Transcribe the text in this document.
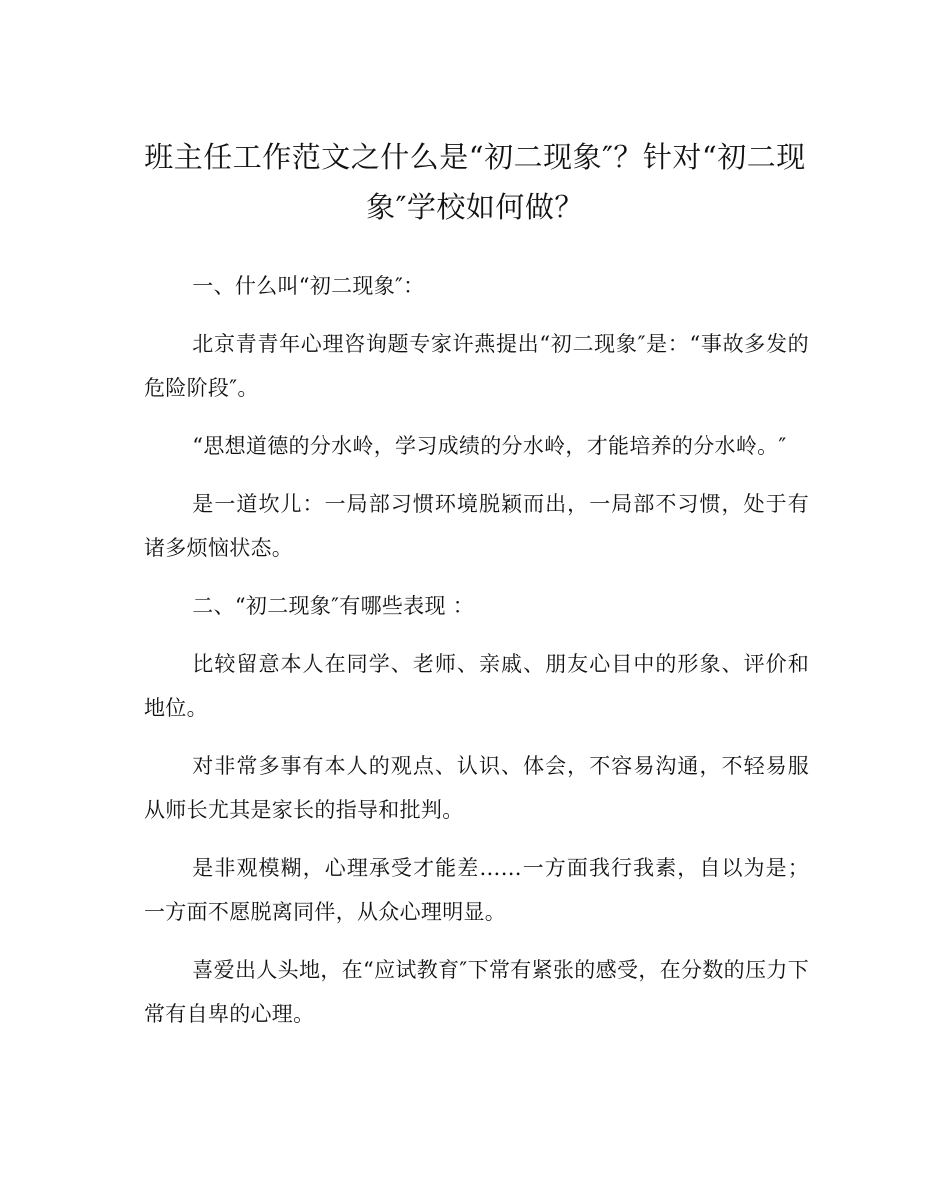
班主任工作范文之什么是“初二现象″？针对“初二现象″学校如何做？

一、什么叫“初二现象″：

北京青青年心理咨询题专家许燕提出“初二现象″是：“事故多发的危险阶段″。

“思想道德的分水岭，学习成绩的分水岭，才能培养的分水岭。″

是一道坎儿：一局部习惯环境脱颖而出，一局部不习惯，处于有诸多烦恼状态。

二、“初二现象″有哪些表现 ：

比较留意本人在同学、老师、亲戚、朋友心目中的形象、评价和地位。

对非常多事有本人的观点、认识、体会，不容易沟通，不轻易服从师长尤其是家长的指导和批判。

是非观模糊，心理承受才能差……一方面我行我素，自以为是；一方面不愿脱离同伴，从众心理明显。

喜爱出人头地，在“应试教育″下常有紧张的感受，在分数的压力下常有自卑的心理。
